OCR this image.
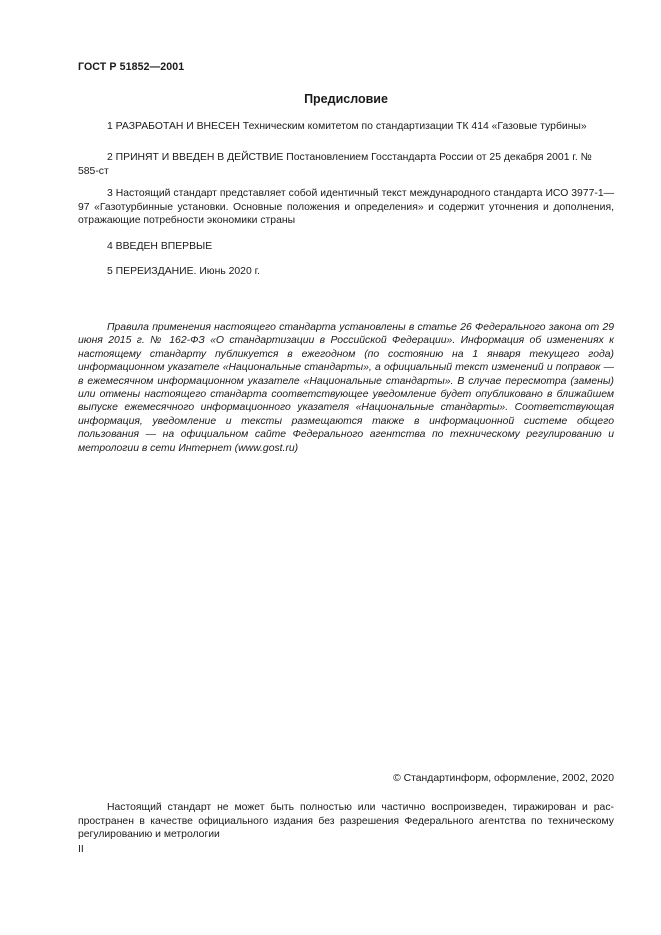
ГОСТ Р 51852—2001
Предисловие
1 РАЗРАБОТАН И ВНЕСЕН Техническим комитетом по стандартизации ТК 414 «Газовые турбины»
2 ПРИНЯТ И ВВЕДЕН В ДЕЙСТВИЕ Постановлением Госстандарта России от 25 декабря 2001 г. № 585-ст
3 Настоящий стандарт представляет собой идентичный текст международного стандарта ИСО 3977-1—97 «Газотурбинные установки. Основные положения и определения» и содержит уточнения и дополнения, отражающие потребности экономики страны
4 ВВЕДЕН ВПЕРВЫЕ
5 ПЕРЕИЗДАНИЕ. Июнь 2020 г.
Правила применения настоящего стандарта установлены в статье 26 Федерального закона от 29 июня 2015 г. № 162-ФЗ «О стандартизации в Российской Федерации». Информация об изменениях к настоящему стандарту публикуется в ежегодном (по состоянию на 1 января текущего года) информационном указателе «Национальные стандарты», а официальный текст изменений и поправок — в ежемесячном информационном указателе «Национальные стандарты». В случае пересмотра (замены) или отмены настоящего стандарта соответствующее уведомление будет опубликовано в ближайшем выпуске ежемесячного информационного указателя «Национальные стандарты». Соответствующая информация, уведомление и тексты размещаются также в информационной системе общего пользования — на официальном сайте Федерального агентства по техническому регулированию и метрологии в сети Интернет (www.gost.ru)
© Стандартинформ, оформление, 2002, 2020
Настоящий стандарт не может быть полностью или частично воспроизведен, тиражирован и распространен в качестве официального издания без разрешения Федерального агентства по техническому регулированию и метрологии
II
